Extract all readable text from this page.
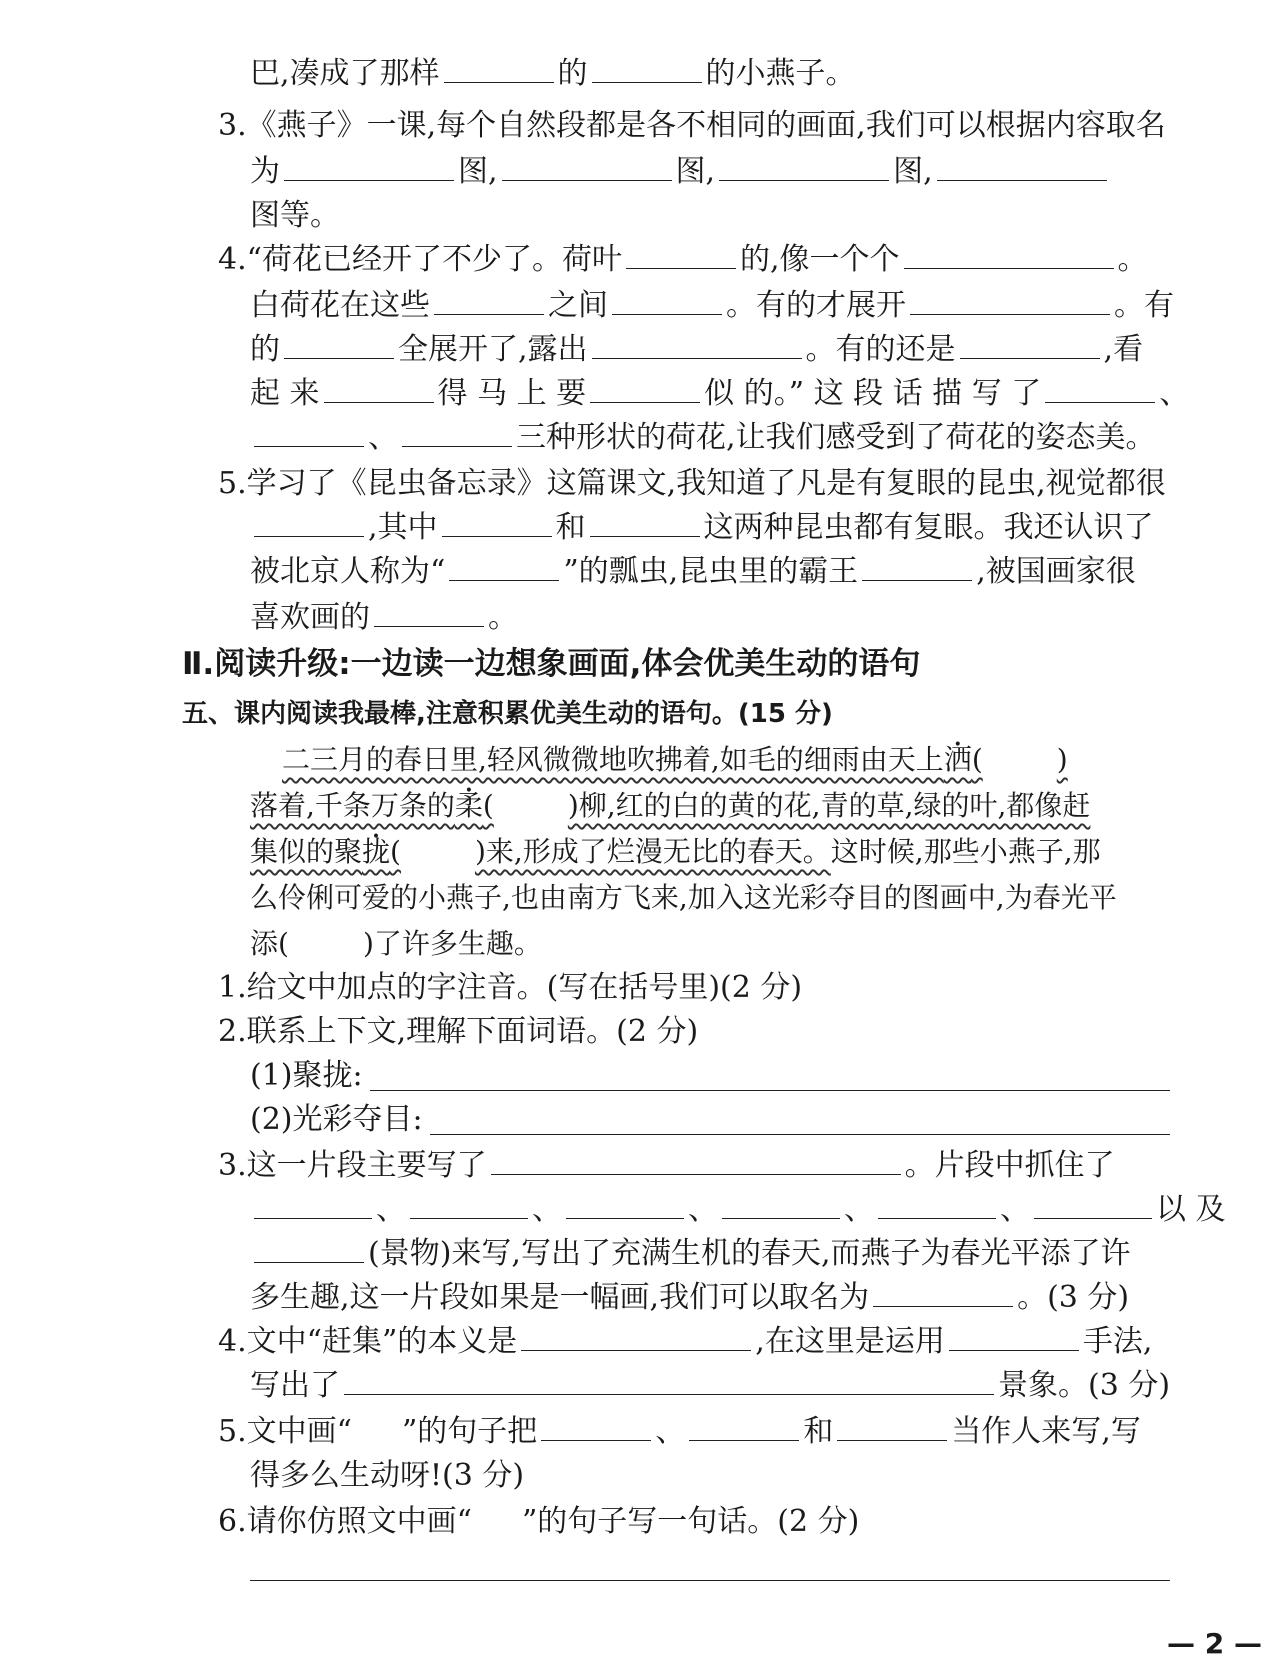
巴,凑成了那样	的	的小燕子。
3.《燕子》一课,每个自然段都是各不相同的画面,我们可以根据内容取名
为	图,	图,	图,
图等。
4.“荷花已经开了不少了。荷叶	的,像一个个	。
白荷花在这些	之间	。有的才展开	。有
的	全展开了,露出	。有的还是	,看
起 来	得 马 上 要	似 的。” 这 段 话 描 写 了	、
、	三种形状的荷花,让我们感受到了荷花的姿态美。
5.学习了《昆虫备忘录》这篇课文,我知道了凡是有复眼的昆虫,视觉都很
,其中	和	这两种昆虫都有复眼。我还认识了
被北京人称为“	”的瓢虫,昆虫里的霸王	,被国画家很
喜欢画的	。
Ⅱ.阅读升级:一边读一边想象画面,体会优美生动的语句
五、课内阅读我最棒,注意积累优美生动的语句。(15 分)
二三月的春日里,轻风微微地吹拂着,如毛的细雨由天上洒(	)
落着,千条万条的柔(	)柳,红的白的黄的花,青的草,绿的叶,都像赶
集似的聚拢(	)来,形成了烂漫无比的春天。这时候,那些小燕子,那
么伶俐可爱的小燕子,也由南方飞来,加入这光彩夺目的图画中,为春光平
添(	)了许多生趣。
1.给文中加点的字注音。(写在括号里)(2 分)
2.联系上下文,理解下面词语。(2 分)
(1)聚拢:
(2)光彩夺目:
3.这一片段主要写了	。片段中抓住了
、	、	、	、	、	以 及
(景物)来写,写出了充满生机的春天,而燕子为春光平添了许
多生趣,这一片段如果是一幅画,我们可以取名为	。(3 分)
4.文中“赶集”的本义是	,在这里是运用	手法,
写出了	景象。(3 分)
5.文中画“ ”的句子把	、	和	当作人来写,写
得多么生动呀!(3 分)
6.请你仿照文中画“ ”的句子写一句话。(2 分)
— 2 —
